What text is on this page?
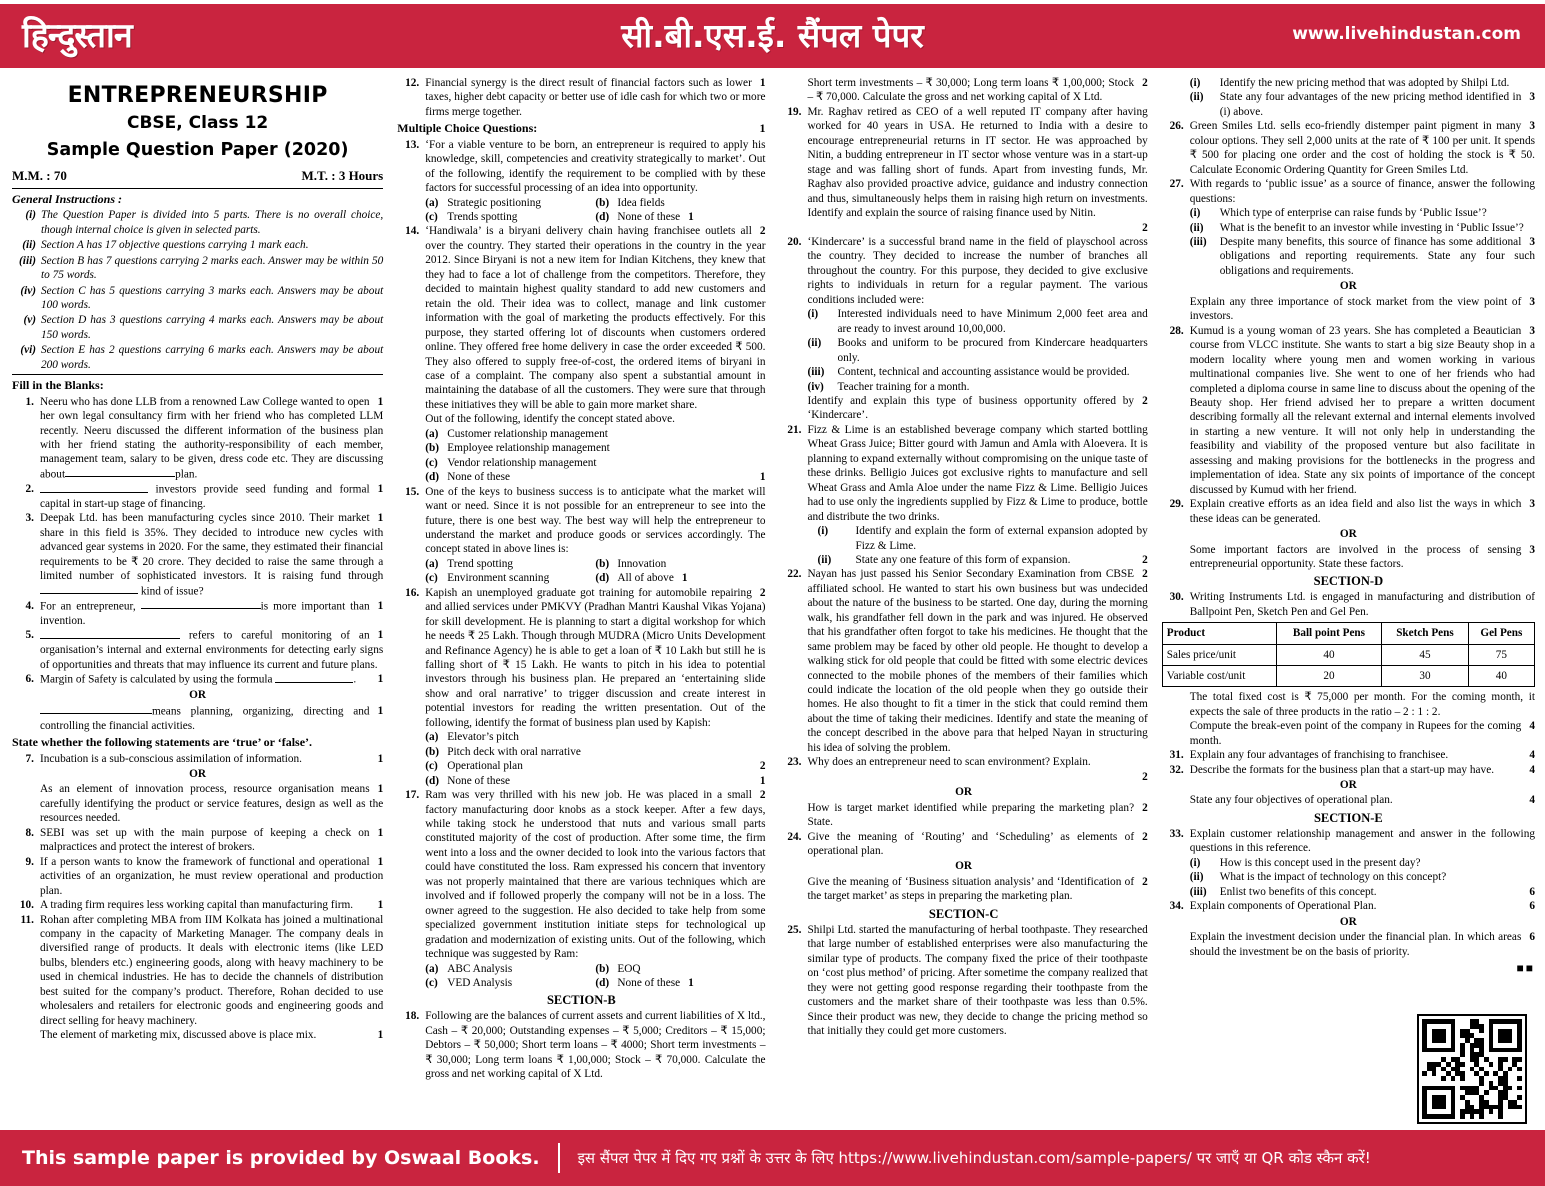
हिन्दुस्तान	सी.बी.एस.ई. सैंपल पेपर	www.livehindustan.com
ENTREPRENEURSHIP
CBSE, Class 12
Sample Question Paper (2020)
M.M. : 70	M.T. : 3 Hours
General Instructions :
(i) The Question Paper is divided into 5 parts. There is no overall choice, though internal choice is given in selected parts.
(ii) Section A has 17 objective questions carrying 1 mark each.
(iii) Section B has 7 questions carrying 2 marks each. Answer may be within 50 to 75 words.
(iv) Section C has 5 questions carrying 3 marks each. Answers may be about 100 words.
(v) Section D has 3 questions carrying 4 marks each. Answers may be about 150 words.
(vi) Section E has 2 questions carrying 6 marks each. Answers may be about 200 words.
Fill in the Blanks:
1.	1
Neeru who has done LLB from a renowned Law College wanted to open her own legal consultancy firm with her friend who has completed LLM recently. Neeru discussed the different information of the business plan with her friend stating the authority-responsibility of each member, management team, salary to be given, dress code etc. They are discussing about	plan.
2.	1
investors provide seed funding and formal capital in start-up stage of financing.
3.	1
Deepak Ltd. has been manufacturing cycles since 2010. Their market share in this field is 35%. They decided to introduce new cycles with advanced gear systems in 2020. For the same, they estimated their financial requirements to be ₹ 20 crore. They decided to raise the same through a limited number of sophisticated investors. It is raising fund through kind of issue?
4.	1
For an entrepreneur,	is more important than invention.
5.	1
refers to careful monitoring of an organisation’s internal and external environments for detecting early signs of opportunities and threats that may influence its current and future plans.
6.	1
Margin of Safety is calculated by using the formula	.
OR
1
means planning, organizing, directing and controlling the financial activities.
State whether the following statements are ‘true’ or ‘false’.
7.	1
Incubation is a sub-conscious assimilation of information.
OR
1
As an element of innovation process, resource organisation means carefully identifying the product or service features, design as well as the resources needed.
8.	1
SEBI was set up with the main purpose of keeping a check on malpractices and protect the interest of brokers.
9.	1
If a person wants to know the framework of functional and operational activities of an organization, he must review operational and production plan.
10.	1
A trading firm requires less working capital than manufacturing firm.
11. Rohan after completing MBA from IIM Kolkata has joined a multinational company in the capacity of Marketing Manager. The company deals in diversified range of products. It deals with electronic items (like LED bulbs, blenders etc.) engineering goods, along with heavy machinery to be used in chemical industries. He has to decide the channels of distribution best suited for the company’s product. Therefore, Rohan decided to use wholesalers and retailers for electronic goods and engineering goods and direct selling for heavy machinery.
1
The element of marketing mix, discussed above is place mix.
12.	1
Financial synergy is the direct result of financial factors such as lower taxes, higher debt capacity or better use of idle cash for which two or more firms merge together.
1
Multiple Choice Questions:
13. ‘For a viable venture to be born, an entrepreneur is required to apply his knowledge, skill, competencies and creativity strategically to market’. Out of the following, identify the requirement to be complied with by these factors for successful processing of an idea into opportunity.
(a) Strategic positioning	(b) Idea fields
(c) Trends spotting	(d) None of these 1
14.	2
‘Handiwala’ is a biryani delivery chain having franchisee outlets all over the country. They started their operations in the country in the year 2012. Since Biryani is not a new item for Indian Kitchens, they knew that they had to face a lot of challenge from the competitors. Therefore, they decided to maintain highest quality standard to add new customers and retain the old. Their idea was to collect, manage and link customer information with the goal of marketing the products effectively. For this purpose, they started offering lot of discounts when customers ordered online. They offered free home delivery in case the order exceeded ₹ 500. They also offered to supply free-of-cost, the ordered items of biryani in case of a complaint. The company also spent a substantial amount in maintaining the database of all the customers. They were sure that through these initiatives they will be able to gain more market share.
Out of the following, identify the concept stated above.
(a) Customer relationship management
(b) Employee relationship management
(c) Vendor relationship management
(d) None of these	1
15. One of the keys to business success is to anticipate what the market will want or need. Since it is not possible for an entrepreneur to see into the future, there is one best way. The best way will help the entrepreneur to understand the market and produce goods or services accordingly. The concept stated in above lines is:
(a) Trend spotting	(b) Innovation
(c) Environment scanning	(d) All of above 1
16.	2
Kapish an unemployed graduate got training for automobile repairing and allied services under PMKVY (Pradhan Mantri Kaushal Vikas Yojana) for skill development. He is planning to start a digital workshop for which he needs ₹ 25 Lakh. Though through MUDRA (Micro Units Development and Refinance Agency) he is able to get a loan of ₹ 10 Lakh but still he is falling short of ₹ 15 Lakh. He wants to pitch in his idea to potential investors through his business plan. He prepared an ‘entertaining slide show and oral narrative’ to trigger discussion and create interest in potential investors for reading the written presentation. Out of the following, identify the format of business plan used by Kapish:
(a) Elevator’s pitch
(b) Pitch deck with oral narrative
(c) Operational plan	2
(d) None of these	1
17.	2
Ram was very thrilled with his new job. He was placed in a small factory manufacturing door knobs as a stock keeper. After a few days, while taking stock he understood that nuts and various small parts constituted majority of the cost of production. After some time, the firm went into a loss and the owner decided to look into the various factors that could have constituted the loss. Ram expressed his concern that inventory was not properly maintained that there are various techniques which are involved and if followed properly the company will not be in a loss. The owner agreed to the suggestion. He also decided to take help from some specialized government institution initiate steps for technological up gradation and modernization of existing units. Out of the following, which technique was suggested by Ram:
(a) ABC Analysis	(b) EOQ
(c) VED Analysis	(d) None of these 1
SECTION-B
18. Following are the balances of current assets and current liabilities of X ltd., Cash – ₹ 20,000; Outstanding expenses – ₹ 5,000; Creditors – ₹ 15,000; Debtors – ₹ 50,000; Short term loans – ₹ 4000; Short term investments – ₹ 30,000; Long term loans ₹ 1,00,000; Stock – ₹ 70,000. Calculate the gross and net working capital of X Ltd.
2
Short term investments – ₹ 30,000; Long term loans ₹ 1,00,000; Stock – ₹ 70,000. Calculate the gross and net working capital of X Ltd.
19. Mr. Raghav retired as CEO of a well reputed IT company after having worked for 40 years in USA. He returned to India with a desire to encourage entrepreneurial returns in IT sector. He was approached by Nitin, a budding entrepreneur in IT sector whose venture was in a start-up stage and was falling short of funds. Apart from investing funds, Mr. Raghav also provided proactive advice, guidance and industry connection and thus, simultaneously helps them in raising high return on investments. Identify and explain the source of raising finance used by Nitin.
2
20. ‘Kindercare’ is a successful brand name in the field of playschool across the country. They decided to increase the number of branches all throughout the country. For this purpose, they decided to give exclusive rights to individuals in return for a regular payment. The various conditions included were:
(i)	Interested individuals need to have Minimum 2,000 feet area and are ready to invest around 10,00,000.
(ii)	Books and uniform to be procured from Kindercare headquarters only.
(iii)	Content, technical and accounting assistance would be provided.
(iv)	Teacher training for a month.
2
Identify and explain this type of business opportunity offered by ‘Kindercare’.
21. Fizz & Lime is an established beverage company which started bottling Wheat Grass Juice; Bitter gourd with Jamun and Amla with Aloevera. It is planning to expand externally without compromising on the unique taste of these drinks. Belligio Juices got exclusive rights to manufacture and sell Wheat Grass and Amla Aloe under the name Fizz & Lime. Belligio Juices had to use only the ingredients supplied by Fizz & Lime to produce, bottle and distribute the two drinks.
(i)	Identify and explain the form of external expansion adopted by Fizz & Lime.
(ii)	2
State any one feature of this form of expansion.
22.	2
Nayan has just passed his Senior Secondary Examination from CBSE affiliated school. He wanted to start his own business but was undecided about the nature of the business to be started. One day, during the morning walk, his grandfather fell down in the park and was injured. He observed that his grandfather often forgot to take his medicines. He thought that the same problem may be faced by other old people. He thought to develop a walking stick for old people that could be fitted with some electric devices connected to the mobile phones of the members of their families which could indicate the location of the old people when they go outside their homes. He also thought to fit a timer in the stick that could remind them about the time of taking their medicines. Identify and state the meaning of the concept described in the above para that helped Nayan in structuring his idea of solving the problem.
23. Why does an entrepreneur need to scan environment? Explain.
2
OR
2
How is target market identified while preparing the marketing plan? State.
24.	2
Give the meaning of ‘Routing’ and ‘Scheduling’ as elements of operational plan.
OR
2
Give the meaning of ‘Business situation analysis’ and ‘Identification of the target market’ as steps in preparing the marketing plan.
SECTION-C
25. Shilpi Ltd. started the manufacturing of herbal toothpaste. They researched that large number of established enterprises were also manufacturing the similar type of products. The company fixed the price of their toothpaste on ‘cost plus method’ of pricing. After sometime the company realized that they were not getting good response regarding their toothpaste from the customers and the market share of their toothpaste was less than 0.5%. Since their product was new, they decide to change the pricing method so that initially they could get more customers.
(i)	Identify the new pricing method that was adopted by Shilpi Ltd.
(ii)	3
State any four advantages of the new pricing method identified in (i) above.
26.	3
Green Smiles Ltd. sells eco-friendly distemper paint pigment in many colour options. They sell 2,000 units at the rate of ₹ 100 per unit. It spends ₹ 500 for placing one order and the cost of holding the stock is ₹ 50. Calculate Economic Ordering Quantity for Green Smiles Ltd.
27. With regards to ‘public issue’ as a source of finance, answer the following questions:
(i)	Which type of enterprise can raise funds by ‘Public Issue’?
(ii)	What is the benefit to an investor while investing in ‘Public Issue’?
(iii)	3
Despite many benefits, this source of finance has some additional obligations and reporting requirements. State any four such obligations and requirements.
OR
3
Explain any three importance of stock market from the view point of investors.
28.	3
Kumud is a young woman of 23 years. She has completed a Beautician course from VLCC institute. She wants to start a big size Beauty shop in a modern locality where young men and women working in various multinational companies live. She went to one of her friends who had completed a diploma course in same line to discuss about the opening of the Beauty shop. Her friend advised her to prepare a written document describing formally all the relevant external and internal elements involved in starting a new venture. It will not only help in understanding the feasibility and viability of the proposed venture but also facilitate in assessing and making provisions for the bottlenecks in the progress and implementation of idea. State any six points of importance of the concept discussed by Kumud with her friend.
29.	3
Explain creative efforts as an idea field and also list the ways in which these ideas can be generated.
OR
3
Some important factors are involved in the process of sensing entrepreneurial opportunity. State these factors.
SECTION-D
30. Writing Instruments Ltd. is engaged in manufacturing and distribution of Ballpoint Pen, Sketch Pen and Gel Pen.
Product	Ball point Pens	Sketch Pens	Gel Pens
Sales price/unit	40	45	75
Variable cost/unit	20	30	40
The total fixed cost is ₹ 75,000 per month. For the coming month, it expects the sale of three products in the ratio – 2 : 1 : 2.
4
Compute the break-even point of the company in Rupees for the coming month.
31.	4
Explain any four advantages of franchising to franchisee.
32.	4
Describe the formats for the business plan that a start-up may have.
OR
4
State any four objectives of operational plan.
SECTION-E
33. Explain customer relationship management and answer in the following questions in this reference.
(i)	How is this concept used in the present day?
(ii)	What is the impact of technology on this concept?
(iii)	6
Enlist two benefits of this concept.
34.	6
Explain components of Operational Plan.
OR
6
Explain the investment decision under the financial plan. In which areas should the investment be on the basis of priority.
■■
This sample paper is provided by Oswaal Books.	इस सैंपल पेपर में दिए गए प्रश्नों के उत्तर के लिए https://www.livehindustan.com/sample-papers/ पर जाएँ या QR कोड स्कैन करें!
